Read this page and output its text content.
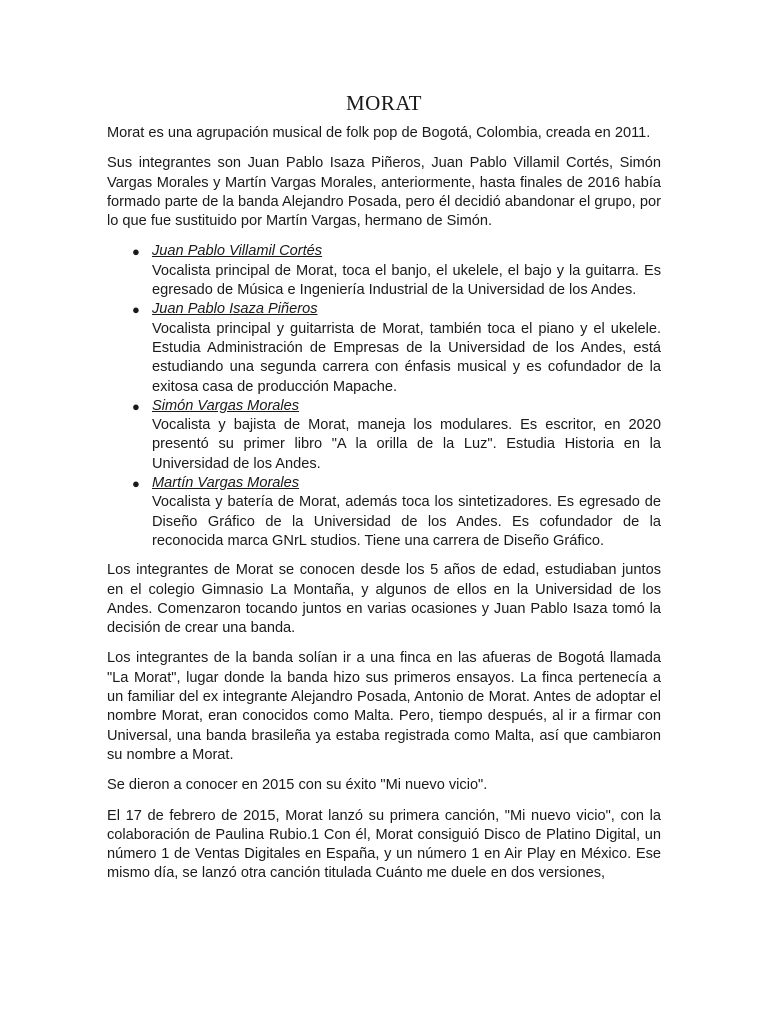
MORAT

Morat es una agrupación musical de folk pop de Bogotá, Colombia, creada en 2011.

Sus integrantes son Juan Pablo Isaza Piñeros, Juan Pablo Villamil Cortés, Simón Vargas Morales y Martín Vargas Morales, anteriormente, hasta finales de 2016 había formado parte de la banda Alejandro Posada, pero él decidió abandonar el grupo, por lo que fue sustituido por Martín Vargas, hermano de Simón.

● Juan Pablo Villamil Cortés
Vocalista principal de Morat, toca el banjo, el ukelele, el bajo y la guitarra. Es egresado de Música e Ingeniería Industrial de la Universidad de los Andes.
● Juan Pablo Isaza Piñeros
Vocalista principal y guitarrista de Morat, también toca el piano y el ukelele. Estudia Administración de Empresas de la Universidad de los Andes, está estudiando una segunda carrera con énfasis musical y es cofundador de la exitosa casa de producción Mapache.
● Simón Vargas Morales
Vocalista y bajista de Morat, maneja los modulares. Es escritor, en 2020 presentó su primer libro "A la orilla de la Luz". Estudia Historia en la Universidad de los Andes.
● Martín Vargas Morales
Vocalista y batería de Morat, además toca los sintetizadores. Es egresado de Diseño Gráfico de la Universidad de los Andes. Es cofundador de la reconocida marca GNrL studios. Tiene una carrera de Diseño Gráfico.

Los integrantes de Morat se conocen desde los 5 años de edad, estudiaban juntos en el colegio Gimnasio La Montaña, y algunos de ellos en la Universidad de los Andes. Comenzaron tocando juntos en varias ocasiones y Juan Pablo Isaza tomó la decisión de crear una banda.

Los integrantes de la banda solían ir a una finca en las afueras de Bogotá llamada "La Morat", lugar donde la banda hizo sus primeros ensayos. La finca pertenecía a un familiar del ex integrante Alejandro Posada, Antonio de Morat. Antes de adoptar el nombre Morat, eran conocidos como Malta. Pero, tiempo después, al ir a firmar con Universal, una banda brasileña ya estaba registrada como Malta, así que cambiaron su nombre a Morat.

Se dieron a conocer en 2015 con su éxito "Mi nuevo vicio".

El 17 de febrero de 2015, Morat lanzó su primera canción, "Mi nuevo vicio", con la colaboración de Paulina Rubio.1 Con él, Morat consiguió Disco de Platino Digital, un número 1 de Ventas Digitales en España, y un número 1 en Air Play en México. Ese mismo día, se lanzó otra canción titulada Cuánto me duele en dos versiones,
